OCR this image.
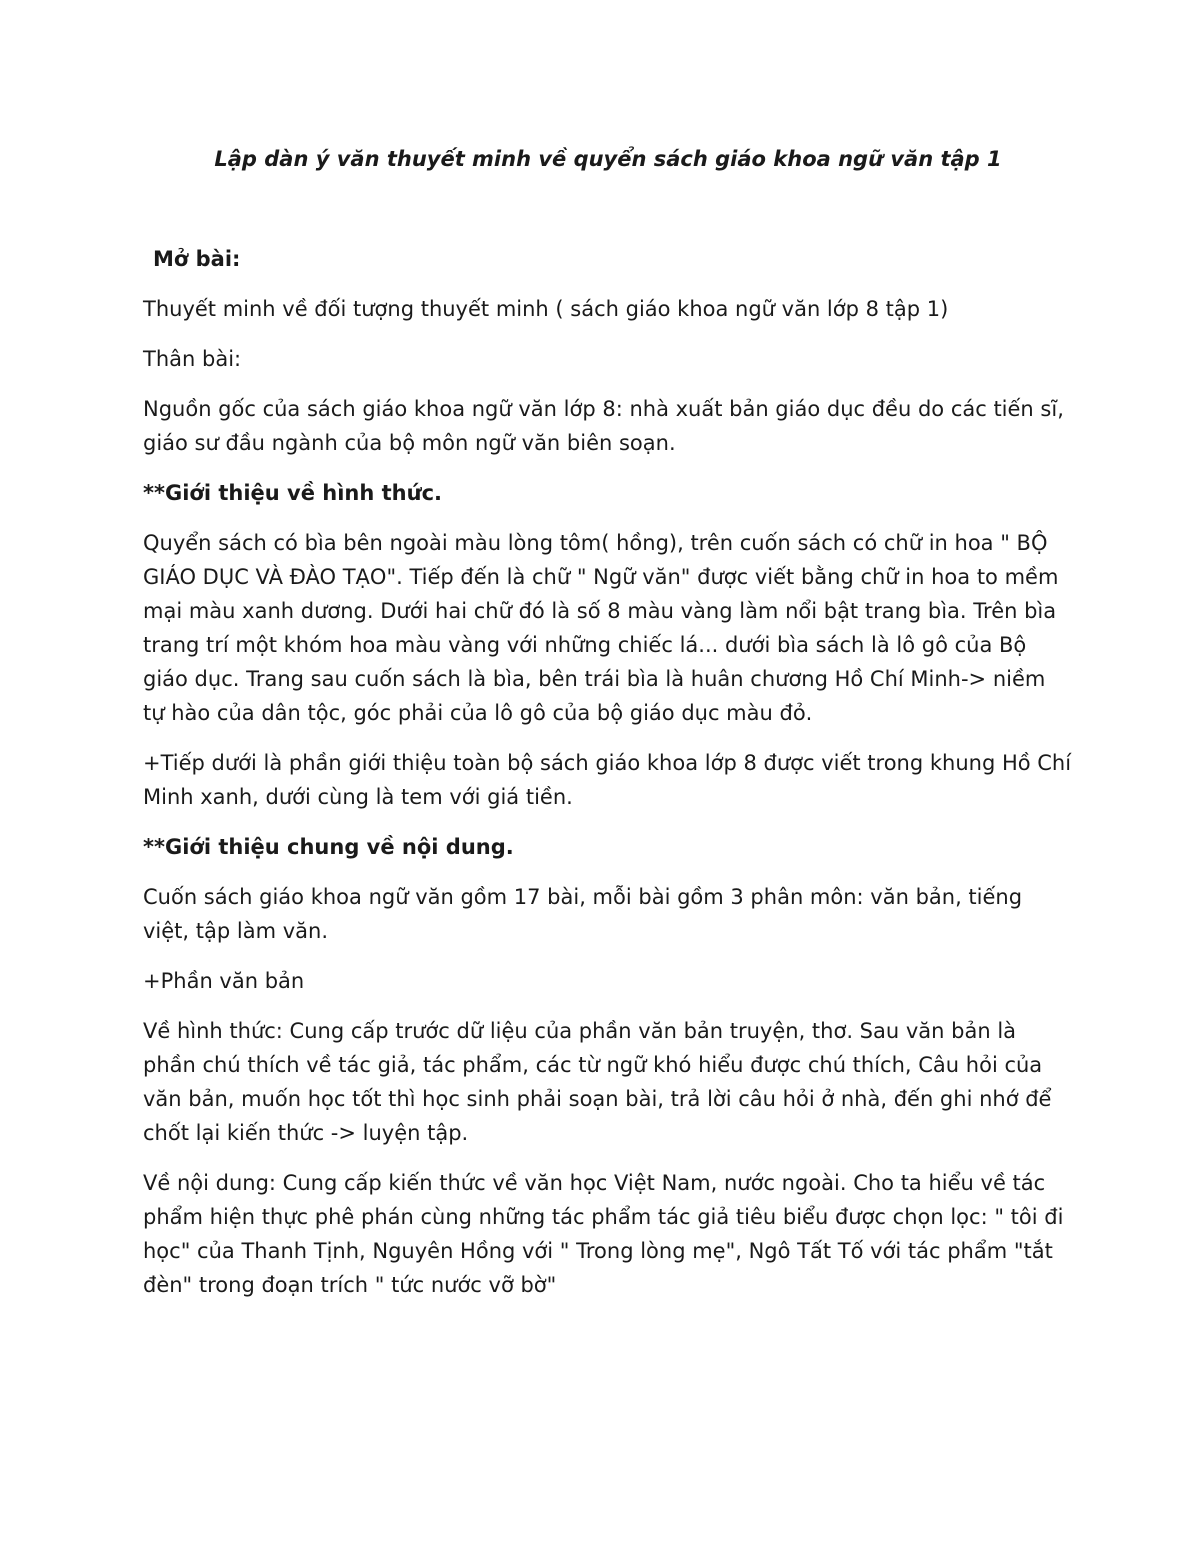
Lập dàn ý văn thuyết minh về quyển sách giáo khoa ngữ văn tập 1

Mở bài:

Thuyết minh về đối tượng thuyết minh ( sách giáo khoa ngữ văn lớp 8 tập 1)

Thân bài:

Nguồn gốc của sách giáo khoa ngữ văn lớp 8: nhà xuất bản giáo dục đều do các tiến sĩ, giáo sư đầu ngành của bộ môn ngữ văn biên soạn.

**Giới thiệu về hình thức.

Quyển sách có bìa bên ngoài màu lòng tôm( hồng), trên cuốn sách có chữ in hoa " BỘ GIÁO DỤC VÀ ĐÀO TẠO". Tiếp đến là chữ " Ngữ văn" được viết bằng chữ in hoa to mềm mại màu xanh dương. Dưới hai chữ đó là số 8 màu vàng làm nổi bật trang bìa. Trên bìa trang trí một khóm hoa màu vàng với những chiếc lá... dưới bìa sách là lô gô của Bộ giáo dục. Trang sau cuốn sách là bìa, bên trái bìa là huân chương Hồ Chí Minh-> niềm tự hào của dân tộc, góc phải của lô gô của bộ giáo dục màu đỏ.

+Tiếp dưới là phần giới thiệu toàn bộ sách giáo khoa lớp 8 được viết trong khung Hồ Chí Minh xanh, dưới cùng là tem với giá tiền.

**Giới thiệu chung về nội dung.

Cuốn sách giáo khoa ngữ văn gồm 17 bài, mỗi bài gồm 3 phân môn: văn bản, tiếng việt, tập làm văn.

+Phần văn bản

Về hình thức: Cung cấp trước dữ liệu của phần văn bản truyện, thơ. Sau văn bản là phần chú thích về tác giả, tác phẩm, các từ ngữ khó hiểu được chú thích, Câu hỏi của văn bản, muốn học tốt thì học sinh phải soạn bài, trả lời câu hỏi ở nhà, đến ghi nhớ để chốt lại kiến thức -> luyện tập.

Về nội dung: Cung cấp kiến thức về văn học Việt Nam, nước ngoài. Cho ta hiểu về tác phẩm hiện thực phê phán cùng những tác phẩm tác giả tiêu biểu được chọn lọc: " tôi đi học" của Thanh Tịnh, Nguyên Hồng với " Trong lòng mẹ", Ngô Tất Tố với tác phẩm "tắt đèn" trong đoạn trích " tức nước vỡ bờ"
